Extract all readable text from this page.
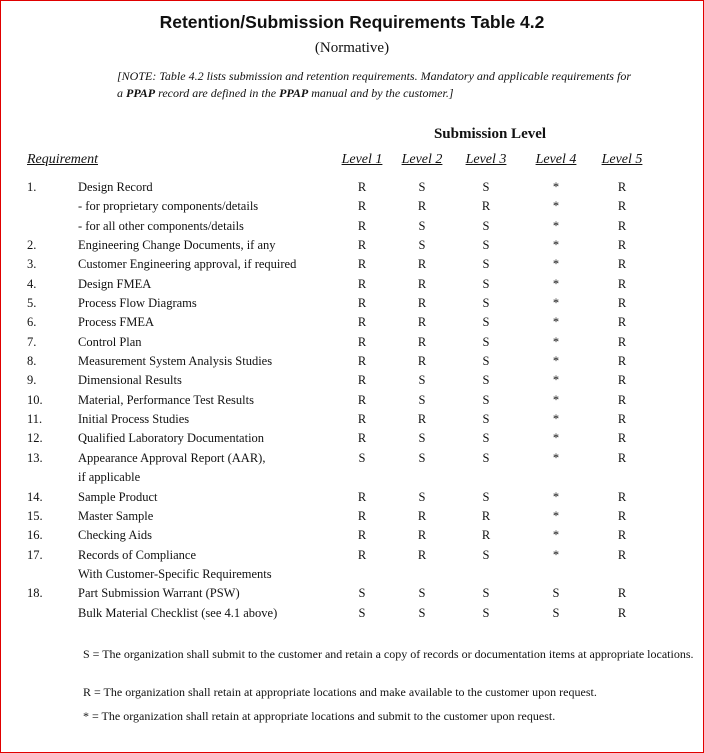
Retention/Submission Requirements Table 4.2
(Normative)
[NOTE: Table 4.2 lists submission and retention requirements. Mandatory and applicable requirements for a PPAP record are defined in the PPAP manual and by the customer.]
Submission Level
Requirement	Level 1	Level 2	Level 3	Level 4	Level 5
1.	Design Record	R	S	S	*	R
- for proprietary components/details	R	R	R	*	R
- for all other components/details	R	S	S	*	R
2.	Engineering Change Documents, if any	R	S	S	*	R
3.	Customer Engineering approval, if required	R	R	S	*	R
4.	Design FMEA	R	R	S	*	R
5.	Process Flow Diagrams	R	R	S	*	R
6.	Process FMEA	R	R	S	*	R
7.	Control Plan	R	R	S	*	R
8.	Measurement System Analysis Studies	R	R	S	*	R
9.	Dimensional Results	R	S	S	*	R
10.	Material, Performance Test Results	R	S	S	*	R
11.	Initial Process Studies	R	R	S	*	R
12.	Qualified Laboratory Documentation	R	S	S	*	R
13.	Appearance Approval Report (AAR),	S	S	S	*	R
if applicable
14.	Sample Product	R	S	S	*	R
15.	Master Sample	R	R	R	*	R
16.	Checking Aids	R	R	R	*	R
17.	Records of Compliance	R	R	S	*	R
With Customer-Specific Requirements
18.	Part Submission Warrant (PSW)	S	S	S	S	R
Bulk Material Checklist (see 4.1 above)	S	S	S	S	R
S = The organization shall submit to the customer and retain a copy of records or documentation items at appropriate locations.
R = The organization shall retain at appropriate locations and make available to the customer upon request.
* = The organization shall retain at appropriate locations and submit to the customer upon request.
